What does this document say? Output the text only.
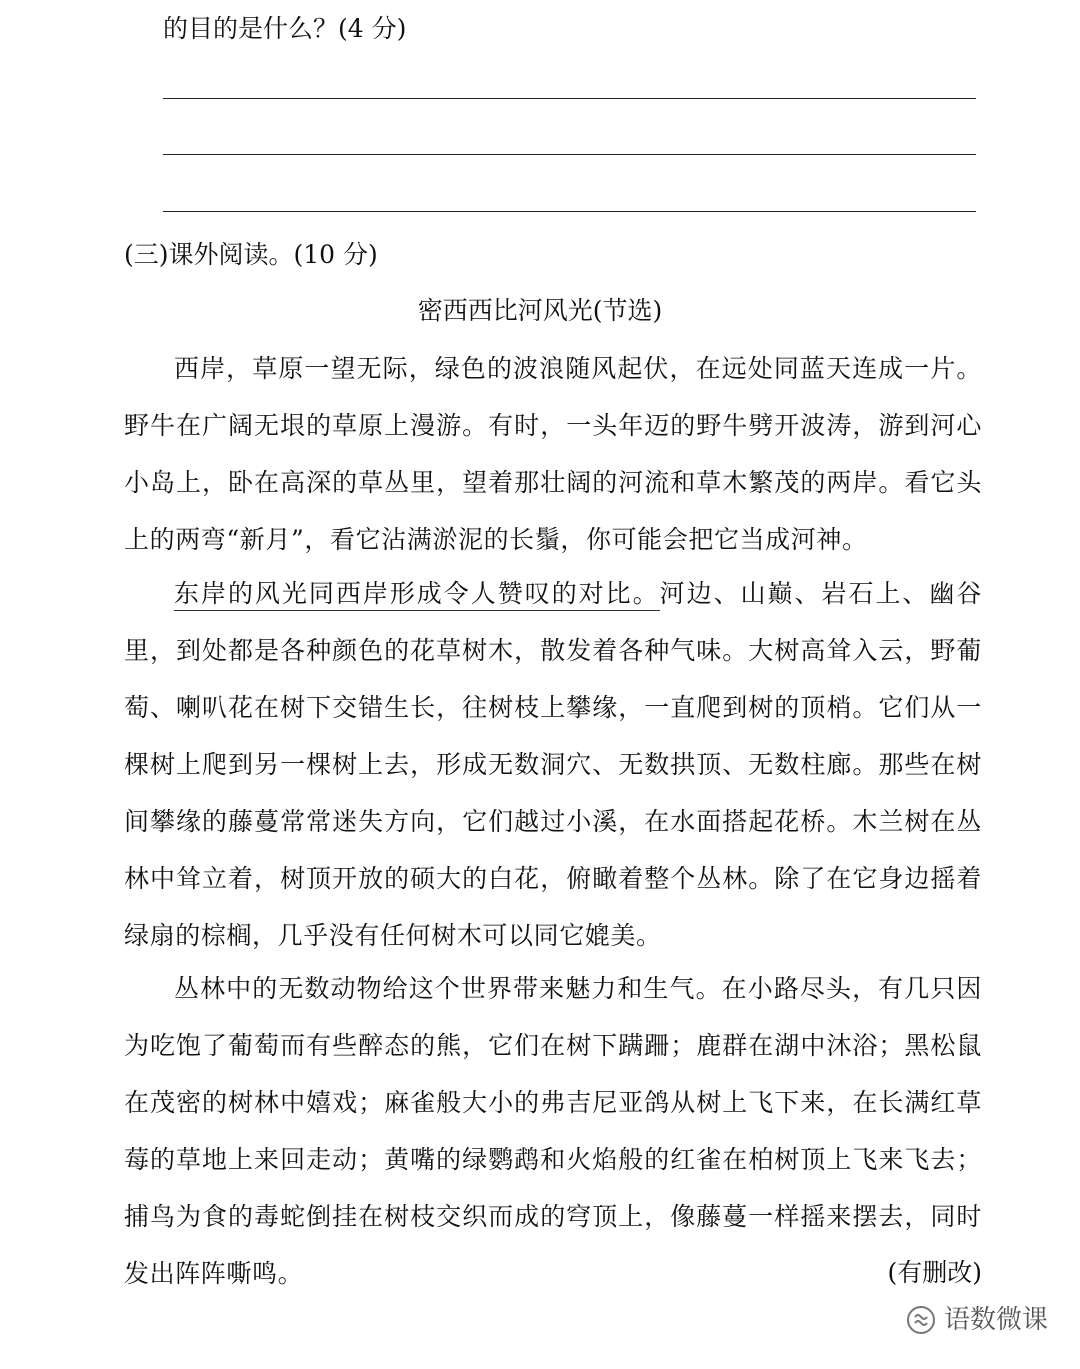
的目的是什么？(4 分)
(三)课外阅读。(10 分)
密西西比河风光(节选)
西岸，草原一望无际，绿色的波浪随风起伏，在远处同蓝天连成一片。野牛在广阔无垠的草原上漫游。有时，一头年迈的野牛劈开波涛，游到河心小岛上，卧在高深的草丛里，望着那壮阔的河流和草木繁茂的两岸。看它头上的两弯“新月”，看它沾满淤泥的长鬚，你可能会把它当成河神。
东岸的风光同西岸形成令人赞叹的对比。河边、山巅、岩石上、幽谷里，到处都是各种颜色的花草树木，散发着各种气味。大树高耸入云，野葡萄、喇叭花在树下交错生长，往树枝上攀缘，一直爬到树的顶梢。它们从一棵树上爬到另一棵树上去，形成无数洞穴、无数拱顶、无数柱廊。那些在树间攀缘的藤蔓常常迷失方向，它们越过小溪，在水面搭起花桥。木兰树在丛林中耸立着，树顶开放的硕大的白花，俯瞰着整个丛林。除了在它身边摇着绿扇的棕榈，几乎没有任何树木可以同它媲美。
丛林中的无数动物给这个世界带来魅力和生气。在小路尽头，有几只因为吃饱了葡萄而有些醉态的熊，它们在树下蹒跚；鹿群在湖中沐浴；黑松鼠在茂密的树林中嬉戏；麻雀般大小的弗吉尼亚鸽从树上飞下来，在长满红草莓的草地上来回走动；黄嘴的绿鹦鹉和火焰般的红雀在柏树顶上飞来飞去；捕鸟为食的毒蛇倒挂在树枝交织而成的穹顶上，像藤蔓一样摇来摆去，同时发出阵阵嘶鸣。	(有删改)
语数微课
